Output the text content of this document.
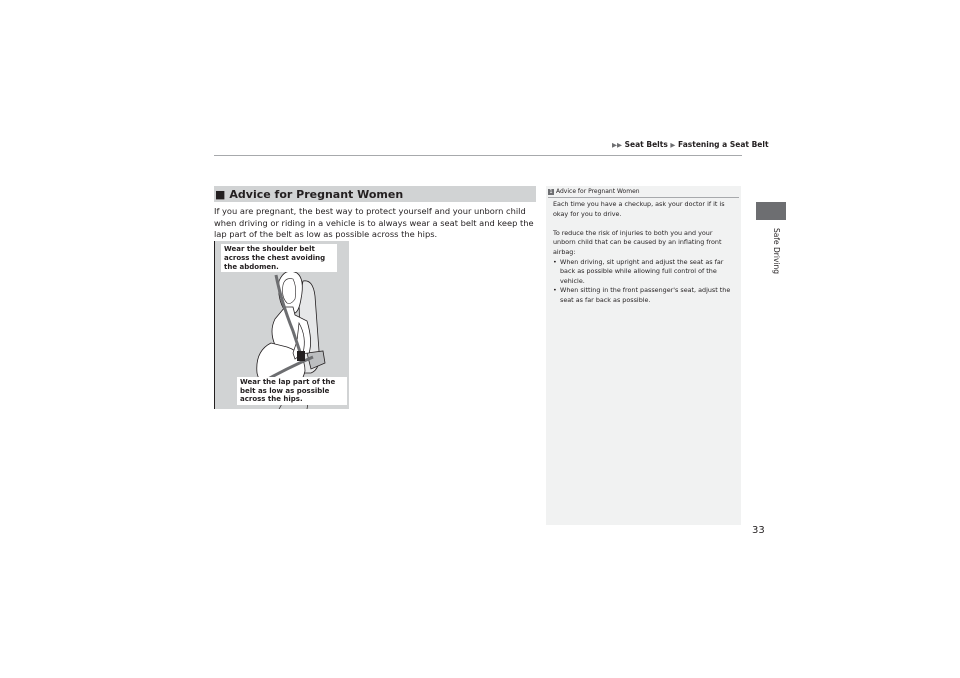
▶▶ Seat Belts ▶ Fastening a Seat Belt
Safe Driving
■ Advice for Pregnant Women
If you are pregnant, the best way to protect yourself and your unborn child when driving or riding in a vehicle is to always wear a seat belt and keep the lap part of the belt as low as possible across the hips.
Wear the shoulder belt across the chest avoiding the abdomen.
Wear the lap part of the belt as low as possible across the hips.
1 Advice for Pregnant Women

Each time you have a checkup, ask your doctor if it is okay for you to drive.

To reduce the risk of injuries to both you and your unborn child that can be caused by an inflating front airbag:

• When driving, sit upright and adjust the seat as far back as possible while allowing full control of the vehicle.
• When sitting in the front passenger's seat, adjust the seat as far back as possible.
33
